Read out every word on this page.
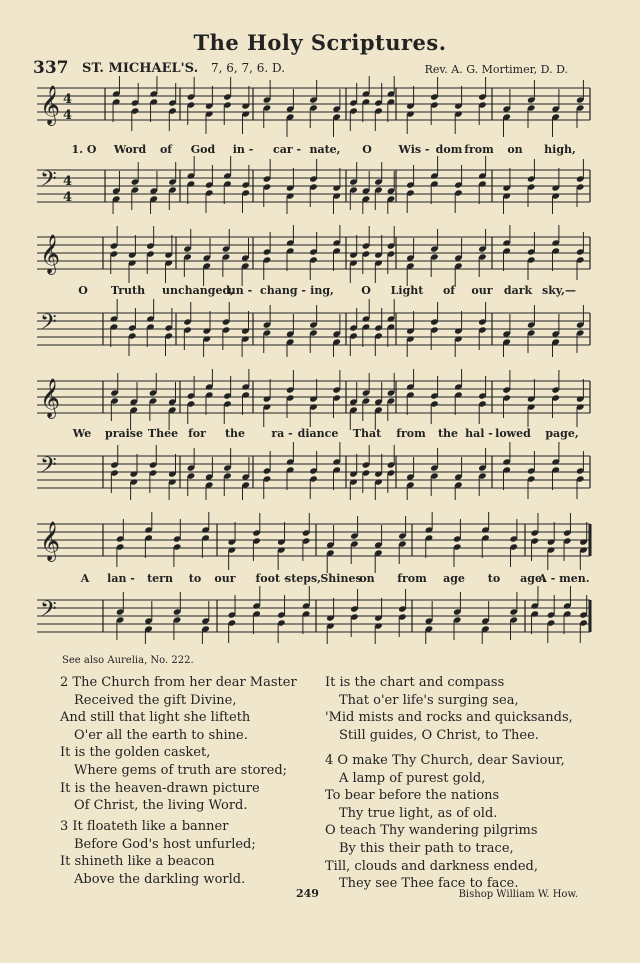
The Holy Scriptures.
337 ST. MICHAEL'S. 7, 6, 7, 6. D.	Rev. A. G. Mortimer, D. D.
𝄞 4
4
𝄢 4
4
1. O Word of God in - car - nate, O Wis - dom from on high,
𝄞
𝄢
O Truth unchanged,
un - chang - ing, O Light of our dark sky,—
𝄞
𝄢
We praise Thee for the ra - diance That from the hal - lowed page,
𝄞
𝄢
A lan - tern to our foot -
steps, Shines
on from age to age.
A - men.
See also Aurelia, No. 222.
2 The Church from her dear Master
Received the gift Divine,
And still that light she lifteth
O'er all the earth to shine.
It is the golden casket,
Where gems of truth are stored;
It is the heaven-drawn picture
Of Christ, the living Word.
3 It floateth like a banner
Before God's host unfurled;
It shineth like a beacon
Above the darkling world.
It is the chart and compass
That o'er life's surging sea,
'Mid mists and rocks and quicksands,
Still guides, O Christ, to Thee.
4 O make Thy Church, dear Saviour,
A lamp of purest gold,
To bear before the nations
Thy true light, as of old.
O teach Thy wandering pilgrims
By this their path to trace,
Till, clouds and darkness ended,
They see Thee face to face.
249	Bishop William W. How.
